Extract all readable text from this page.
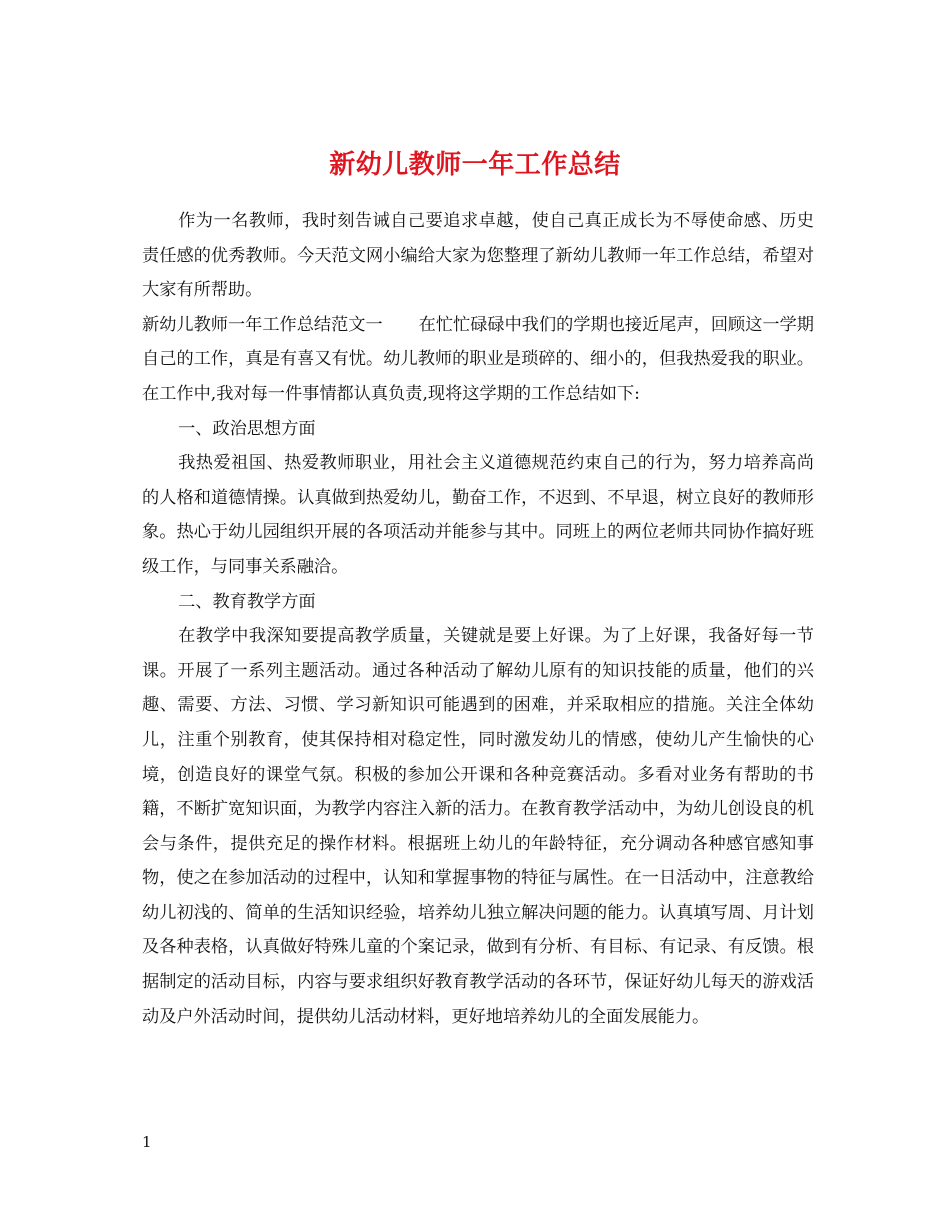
新幼儿教师一年工作总结

作为一名教师，我时刻告诫自己要追求卓越，使自己真正成长为不辱使命感、历史责任感的优秀教师。今天范文网小编给大家为您整理了新幼儿教师一年工作总结，希望对大家有所帮助。

新幼儿教师一年工作总结范文一 在忙忙碌碌中我们的学期也接近尾声，回顾这一学期自己的工作，真是有喜又有忧。幼儿教师的职业是琐碎的、细小的，但我热爱我的职业。在工作中,我对每一件事情都认真负责,现将这学期的工作总结如下:

一、政治思想方面

我热爱祖国、热爱教师职业，用社会主义道德规范约束自己的行为，努力培养高尚的人格和道德情操。认真做到热爱幼儿，勤奋工作，不迟到、不早退，树立良好的教师形象。热心于幼儿园组织开展的各项活动并能参与其中。同班上的两位老师共同协作搞好班级工作，与同事关系融洽。

二、教育教学方面

在教学中我深知要提高教学质量，关键就是要上好课。为了上好课，我备好每一节课。开展了一系列主题活动。通过各种活动了解幼儿原有的知识技能的质量，他们的兴趣、需要、方法、习惯、学习新知识可能遇到的困难，并采取相应的措施。关注全体幼儿，注重个别教育，使其保持相对稳定性，同时激发幼儿的情感，使幼儿产生愉快的心境，创造良好的课堂气氛。积极的参加公开课和各种竞赛活动。多看对业务有帮助的书籍，不断扩宽知识面，为教学内容注入新的活力。在教育教学活动中，为幼儿创设良的机会与条件，提供充足的操作材料。根据班上幼儿的年龄特征，充分调动各种感官感知事物，使之在参加活动的过程中，认知和掌握事物的特征与属性。在一日活动中，注意教给幼儿初浅的、简单的生活知识经验，培养幼儿独立解决问题的能力。认真填写周、月计划及各种表格，认真做好特殊儿童的个案记录，做到有分析、有目标、有记录、有反馈。根据制定的活动目标，内容与要求组织好教育教学活动的各环节，保证好幼儿每天的游戏活动及户外活动时间，提供幼儿活动材料，更好地培养幼儿的全面发展能力。

1
